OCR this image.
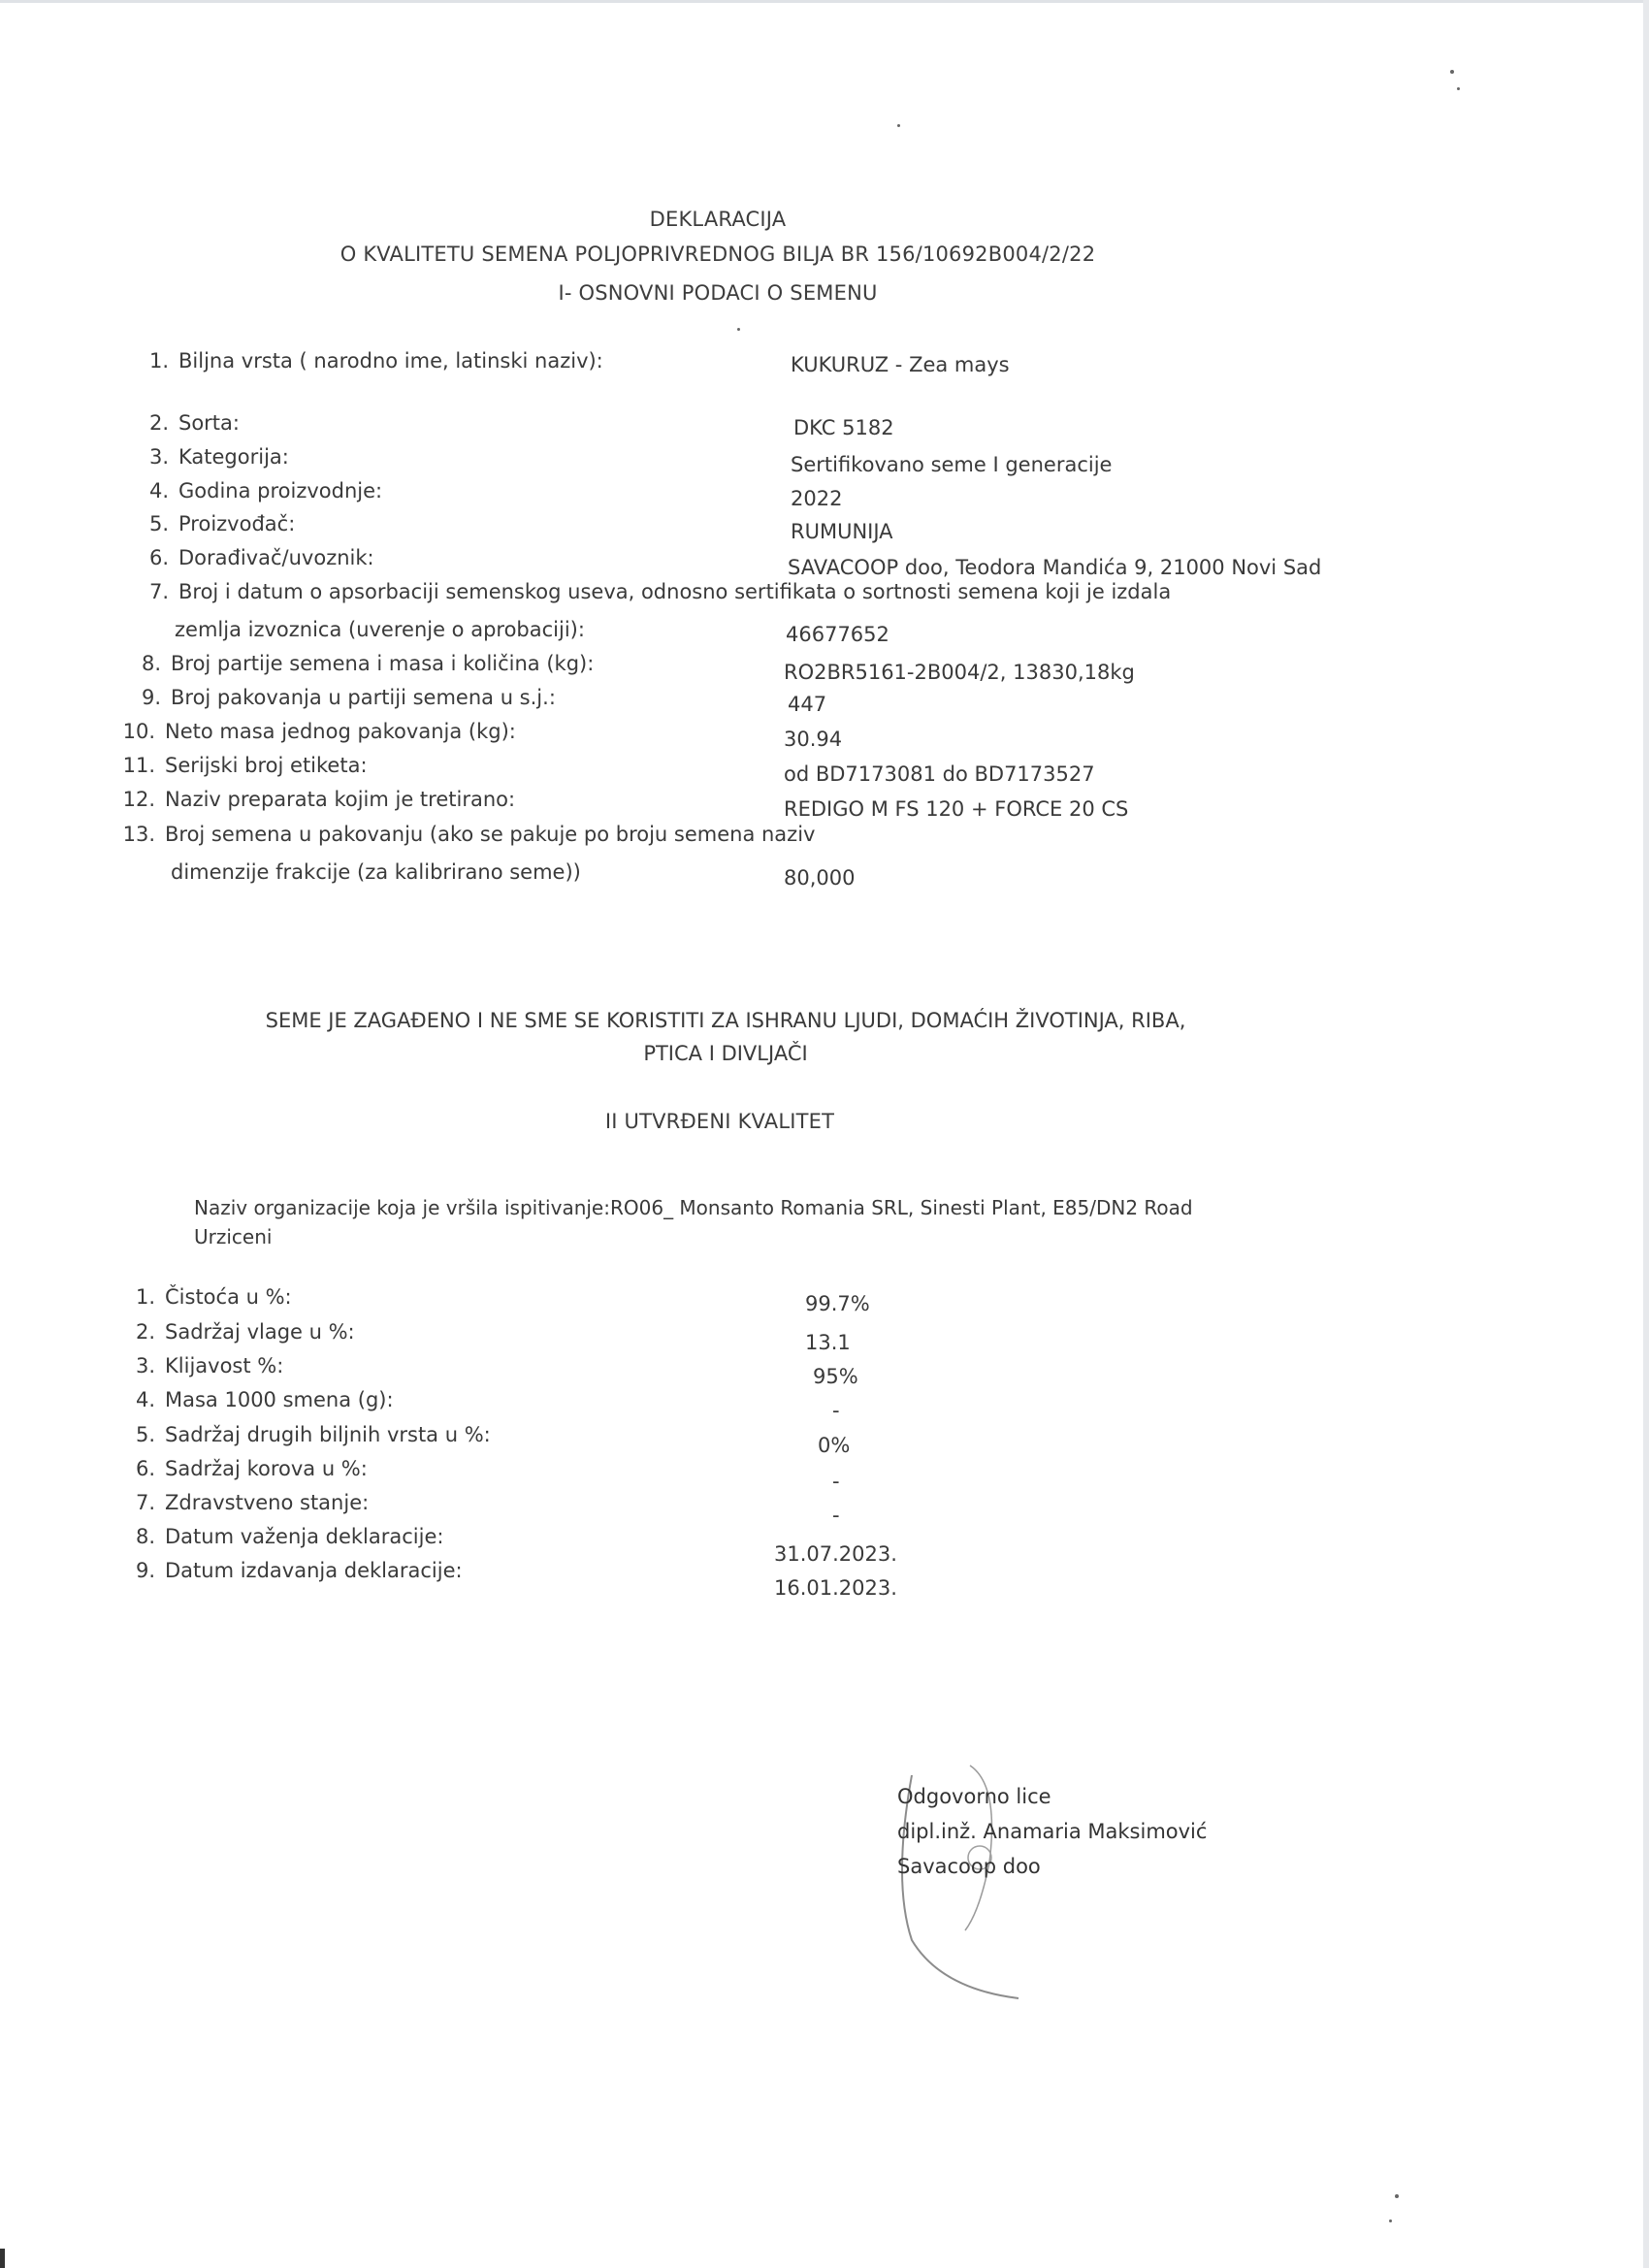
DEKLARACIJA
O KVALITETU SEMENA POLJOPRIVREDNOG BILJA BR 156/10692B004/2/22
I- OSNOVNI PODACI O SEMENU
1. Biljna vrsta ( narodno ime, latinski naziv):	KUKURUZ - Zea mays
2. Sorta:	DKC 5182
3. Kategorija:	Sertifikovano seme I generacije
4. Godina proizvodnje:	2022
5. Proizvođač:	RUMUNIJA
6. Dorađivač/uvoznik:	SAVACOOP doo, Teodora Mandića 9, 21000 Novi Sad
7. Broj i datum o apsorbaciji semenskog useva, odnosno sertifikata o sortnosti semena koji je izdala
zemlja izvoznica (uverenje o aprobaciji):	46677652
8. Broj partije semena i masa i količina (kg):	RO2BR5161-2B004/2, 13830,18kg
9. Broj pakovanja u partiji semena u s.j.:	447
10. Neto masa jednog pakovanja (kg):	30.94
11. Serijski broj etiketa:	od BD7173081 do BD7173527
12. Naziv preparata kojim je tretirano:	REDIGO M FS 120 + FORCE 20 CS
13. Broj semena u pakovanju (ako se pakuje po broju semena naziv
dimenzije frakcije (za kalibrirano seme))	80,000
SEME JE ZAGAĐENO I NE SME SE KORISTITI ZA ISHRANU LJUDI, DOMAĆIH ŽIVOTINJA, RIBA,
PTICA I DIVLJAČI
II UTVRĐENI KVALITET
Naziv organizacije koja je vršila ispitivanje:RO06_ Monsanto Romania SRL, Sinesti Plant, E85/DN2 Road Urziceni
1. Čistoća u %:	99.7%
2. Sadržaj vlage u %:	13.1
3. Klijavost %:	95%
4. Masa 1000 smena (g):	-
5. Sadržaj drugih biljnih vrsta u %:	0%
6. Sadržaj korova u %:
-
7. Zdravstveno stanje:
-
8. Datum važenja deklaracije:
31.07.2023.
9. Datum izdavanja deklaracije:
16.01.2023.
Odgovorno lice
dipl.inž. Anamaria Maksimović
Savacoop doo
